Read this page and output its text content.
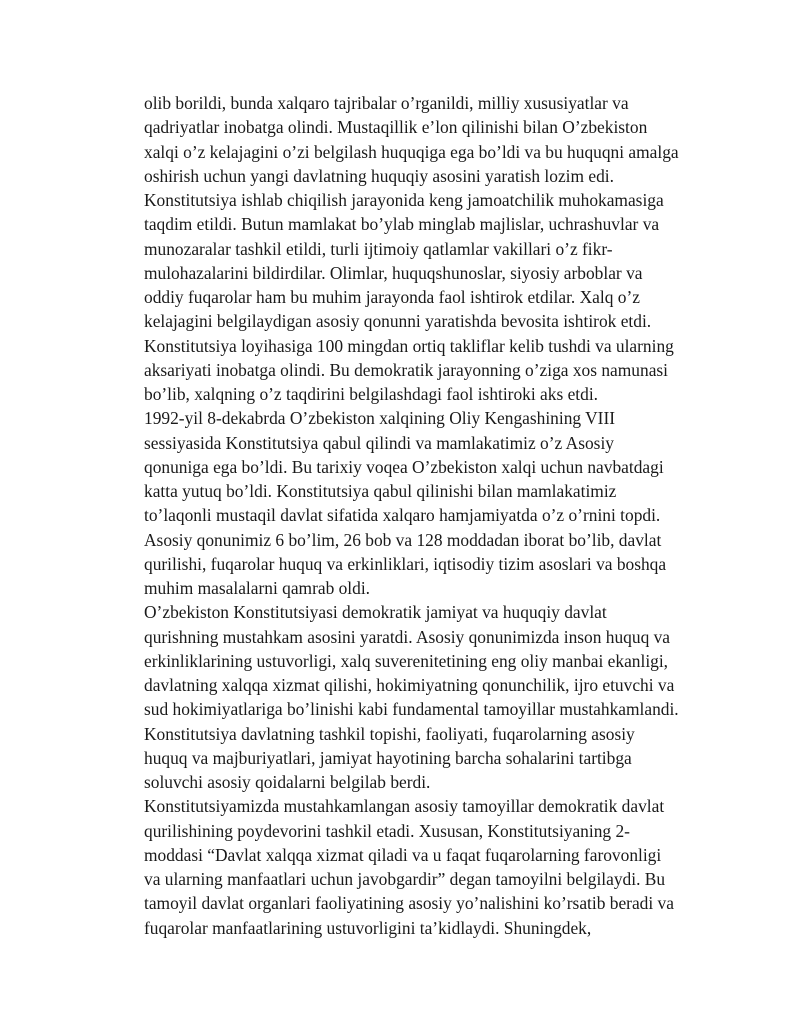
olib borildi, bunda xalqaro tajribalar o’rganildi, milliy xususiyatlar va
qadriyatlar inobatga olindi. Mustaqillik e’lon qilinishi bilan O’zbekiston
xalqi o’z kelajagini o’zi belgilash huquqiga ega bo’ldi va bu huquqni amalga
oshirish uchun yangi davlatning huquqiy asosini yaratish lozim edi.
Konstitutsiya ishlab chiqilish jarayonida keng jamoatchilik muhokamasiga
taqdim etildi. Butun mamlakat bo’ylab minglab majlislar, uchrashuvlar va
munozaralar tashkil etildi, turli ijtimoiy qatlamlar vakillari o’z fikr-
mulohazalarini bildirdilar. Olimlar, huquqshunoslar, siyosiy arboblar va
oddiy fuqarolar ham bu muhim jarayonda faol ishtirok etdilar. Xalq o’z
kelajagini belgilaydigan asosiy qonunni yaratishda bevosita ishtirok etdi.
Konstitutsiya loyihasiga 100 mingdan ortiq takliflar kelib tushdi va ularning
aksariyati inobatga olindi. Bu demokratik jarayonning o’ziga xos namunasi
bo’lib, xalqning o’z taqdirini belgilashdagi faol ishtiroki aks etdi.
1992-yil 8-dekabrda O’zbekiston xalqining Oliy Kengashining VIII
sessiyasida Konstitutsiya qabul qilindi va mamlakatimiz o’z Asosiy
qonuniga ega bo’ldi. Bu tarixiy voqea O’zbekiston xalqi uchun navbatdagi
katta yutuq bo’ldi. Konstitutsiya qabul qilinishi bilan mamlakatimiz
to’laqonli mustaqil davlat sifatida xalqaro hamjamiyatda o’z o’rnini topdi.
Asosiy qonunimiz 6 bo’lim, 26 bob va 128 moddadan iborat bo’lib, davlat
qurilishi, fuqarolar huquq va erkinliklari, iqtisodiy tizim asoslari va boshqa
muhim masalalarni qamrab oldi.
O’zbekiston Konstitutsiyasi demokratik jamiyat va huquqiy davlat
qurishning mustahkam asosini yaratdi. Asosiy qonunimizda inson huquq va
erkinliklarining ustuvorligi, xalq suverenitetining eng oliy manbai ekanligi,
davlatning xalqqa xizmat qilishi, hokimiyatning qonunchilik, ijro etuvchi va
sud hokimiyatlariga bo’linishi kabi fundamental tamoyillar mustahkamlandi.
Konstitutsiya davlatning tashkil topishi, faoliyati, fuqarolarning asosiy
huquq va majburiyatlari, jamiyat hayotining barcha sohalarini tartibga
soluvchi asosiy qoidalarni belgilab berdi.
Konstitutsiyamizda mustahkamlangan asosiy tamoyillar demokratik davlat
qurilishining poydevorini tashkil etadi. Xususan, Konstitutsiyaning 2-
moddasi “Davlat xalqqa xizmat qiladi va u faqat fuqarolarning farovonligi
va ularning manfaatlari uchun javobgardir” degan tamoyilni belgilaydi. Bu
tamoyil davlat organlari faoliyatining asosiy yo’nalishini ko’rsatib beradi va
fuqarolar manfaatlarining ustuvorligini ta’kidlaydi. Shuningdek,
